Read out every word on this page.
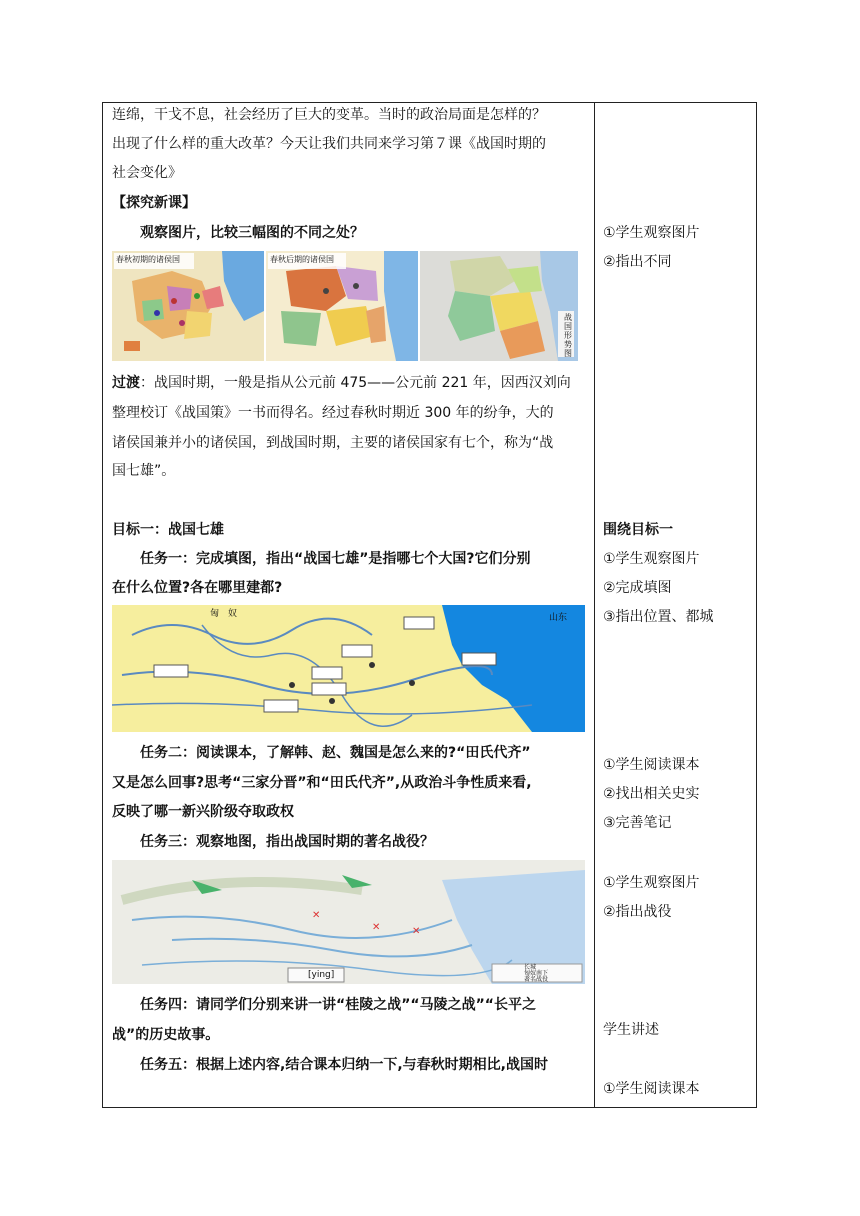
连绵，干戈不息，社会经历了巨大的变革。当时的政治局面是怎样的？
出现了什么样的重大改革？今天让我们共同来学习第７课《战国时期的
社会变化》
【探究新课】
观察图片，比较三幅图的不同之处？
春秋初期的诸侯国	春秋后期的诸侯国
战国形势图
过渡：战国时期，一般是指从公元前 475——公元前 221 年，因西汉刘向
整理校订《战国策》一书而得名。经过春秋时期近 300 年的纷争，大的
诸侯国兼并小的诸侯国，到战国时期，主要的诸侯国家有七个，称为“战
国七雄”。
目标一：战国七雄
任务一：完成填图，指出“战国七雄”是指哪七个大国?它们分别
在什么位置?各在哪里建都?
匈　奴	山东
任务二：阅读课本，了解韩、赵、魏国是怎么来的?“田氏代齐”
又是怎么回事?思考“三家分晋”和“田氏代齐”,从政治斗争性质来看,
反映了哪一新兴阶级夺取政权
任务三：观察地图，指出战国时期的著名战役？
✕
✕	✕
[ying]
长城
匈奴南下
著名战役
任务四：请同学们分别来讲一讲“桂陵之战”“马陵之战”“长平之
战”的历史故事。
任务五：根据上述内容,结合课本归纳一下,与春秋时期相比,战国时
①学生观察图片
②指出不同
围绕目标一
①学生观察图片
②完成填图
③指出位置、都城
①学生阅读课本
②找出相关史实
③完善笔记
①学生观察图片
②指出战役
学生讲述
①学生阅读课本
